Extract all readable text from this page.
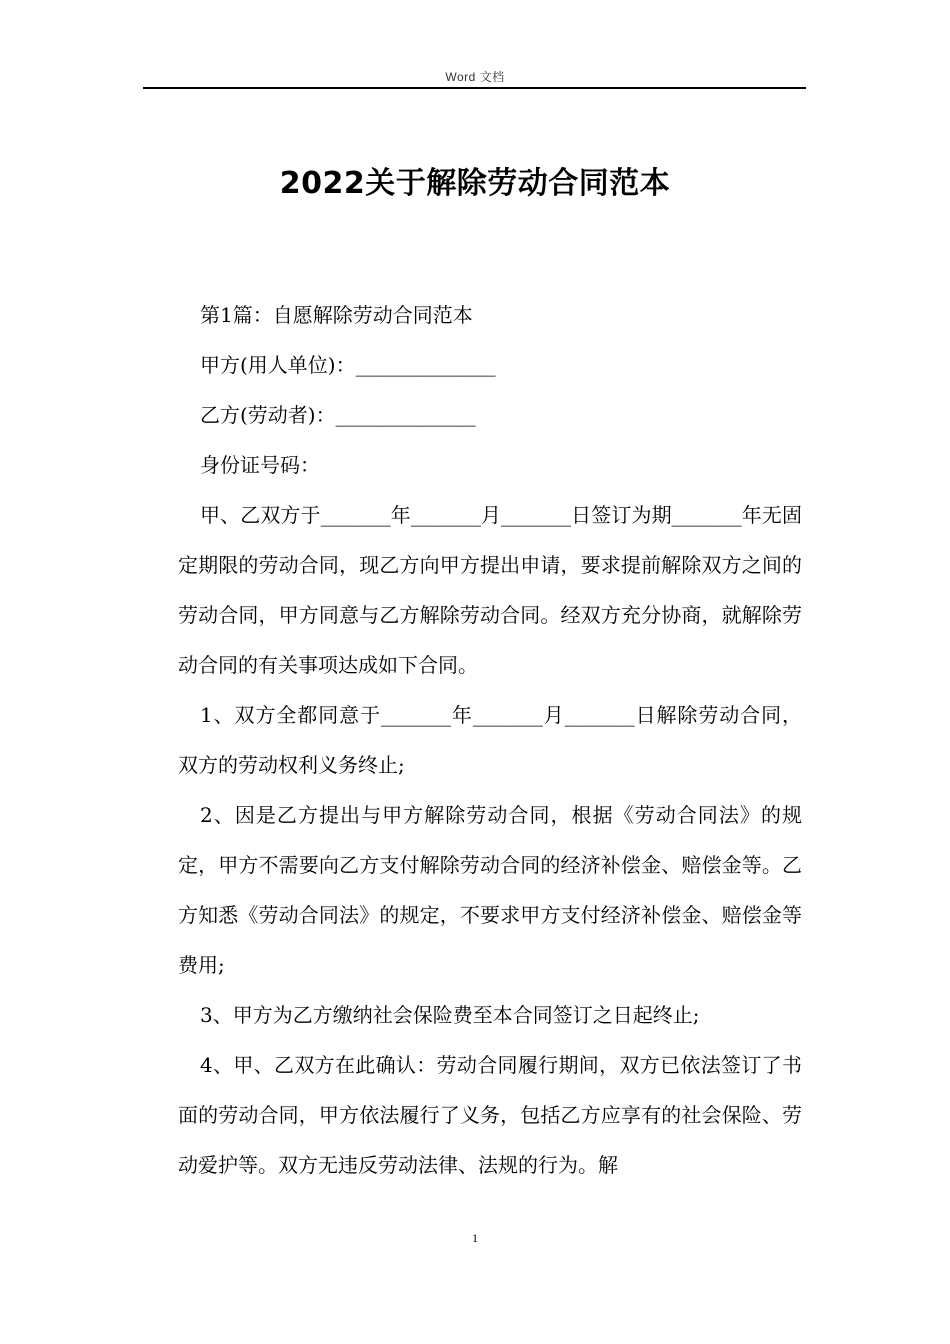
Word 文档
2022关于解除劳动合同范本

第1篇：自愿解除劳动合同范本

甲方(用人单位)：______________

乙方(劳动者)：______________

身份证号码：

甲、乙双方于_______年_______月_______日签订为期_______年无固定期限的劳动合同，现乙方向甲方提出申请，要求提前解除双方之间的劳动合同，甲方同意与乙方解除劳动合同。经双方充分协商，就解除劳动合同的有关事项达成如下合同。

1、双方全都同意于_______年_______月_______日解除劳动合同，双方的劳动权利义务终止;

2、因是乙方提出与甲方解除劳动合同，根据《劳动合同法》的规定，甲方不需要向乙方支付解除劳动合同的经济补偿金、赔偿金等。乙方知悉《劳动合同法》的规定，不要求甲方支付经济补偿金、赔偿金等费用;

3、甲方为乙方缴纳社会保险费至本合同签订之日起终止;

4、甲、乙双方在此确认：劳动合同履行期间，双方已依法签订了书面的劳动合同，甲方依法履行了义务，包括乙方应享有的社会保险、劳动爱护等。双方无违反劳动法律、法规的行为。解

1
